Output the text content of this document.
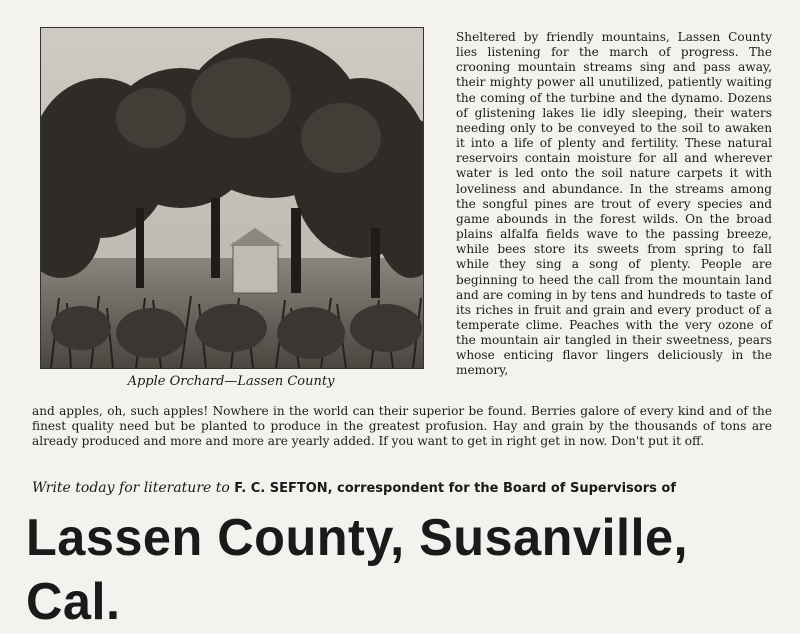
Apple Orchard—Lassen County
Sheltered by friendly mountains, Lassen County lies listening for the march of progress. The crooning mountain streams sing and pass away, their mighty power all unutilized, patiently waiting the coming of the turbine and the dynamo. Dozens of glistening lakes lie idly sleeping, their waters needing only to be conveyed to the soil to awaken it into a life of plenty and fertility. These natural reservoirs contain moisture for all and wherever water is led onto the soil nature carpets it with loveliness and abundance. In the streams among the songful pines are trout of every species and game abounds in the forest wilds. On the broad plains alfalfa fields wave to the passing breeze, while bees store its sweets from spring to fall while they sing a song of plenty. People are beginning to heed the call from the mountain land and are coming in by tens and hundreds to taste of its riches in fruit and grain and every product of a temperate clime. Peaches with the very ozone of the mountain air tangled in their sweetness, pears whose enticing flavor lingers deliciously in the memory,
and apples, oh, such apples! Nowhere in the world can their superior be found. Berries galore of every kind and of the finest quality need but be planted to produce in the greatest profusion. Hay and grain by the thousands of tons are already produced and more and more are yearly added. If you want to get in right get in now. Don't put it off.
Write today for literature to F. C. SEFTON, correspondent for the Board of Supervisors of
Lassen County, Susanville, Cal.
